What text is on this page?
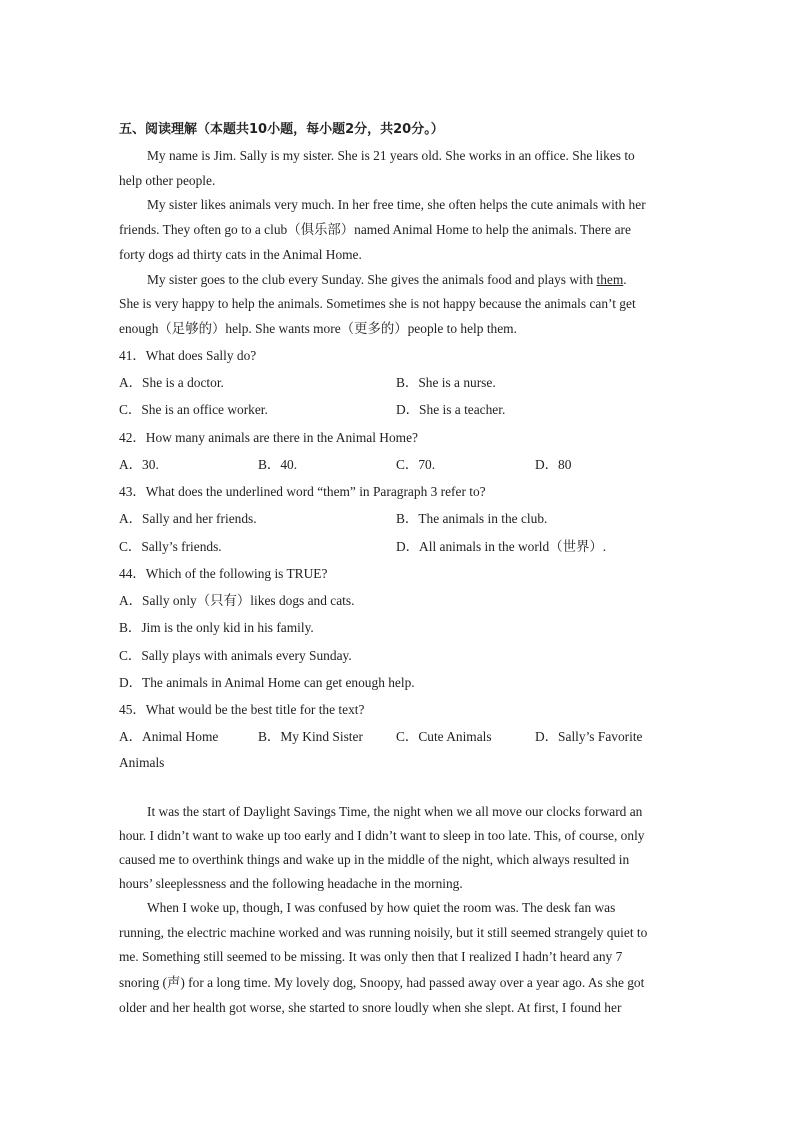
五、阅读理解（本题共10小题，每小题2分，共20分。）
My name is Jim. Sally is my sister. She is 21 years old. She works in an office. She likes to
help other people.
My sister likes animals very much. In her free time, she often helps the cute animals with her
friends. They often go to a club（俱乐部）named Animal Home to help the animals. There are
forty dogs ad thirty cats in the Animal Home.
My sister goes to the club every Sunday. She gives the animals food and plays with them.
She is very happy to help the animals. Sometimes she is not happy because the animals can’t get
enough（足够的）help. She wants more（更多的）people to help them.
41．What does Sally do?
A．She is a doctor.	B．She is a nurse.
C．She is an office worker.	D．She is a teacher.
42．How many animals are there in the Animal Home?
A．30.	B．40.	C．70.	D．80
43．What does the underlined word “them” in Paragraph 3 refer to?
A．Sally and her friends.	B．The animals in the club.
C．Sally’s friends.	D．All animals in the world（世界）.
44．Which of the following is TRUE?
A．Sally only（只有）likes dogs and cats.
B．Jim is the only kid in his family.
C．Sally plays with animals every Sunday.
D．The animals in Animal Home can get enough help.
45．What would be the best title for the text?
A．Animal Home	B．My Kind Sister C．Cute Animals	D．Sally’s Favorite
Animals
It was the start of Daylight Savings Time, the night when we all move our clocks forward an
hour. I didn’t want to wake up too early and I didn’t want to sleep in too late. This, of course, only
caused me to overthink things and wake up in the middle of the night, which always resulted in
hours’ sleeplessness and the following headache in the morning.
When I woke up, though, I was confused by how quiet the room was. The desk fan was
running, the electric machine worked and was running noisily, but it still seemed strangely quiet to
me. Something still seemed to be missing. It was only then that I realized I hadn’t heard any 7
snoring (声) for a long time. My lovely dog, Snoopy, had passed away over a year ago. As she got
older and her health got worse, she started to snore loudly when she slept. At first, I found her
